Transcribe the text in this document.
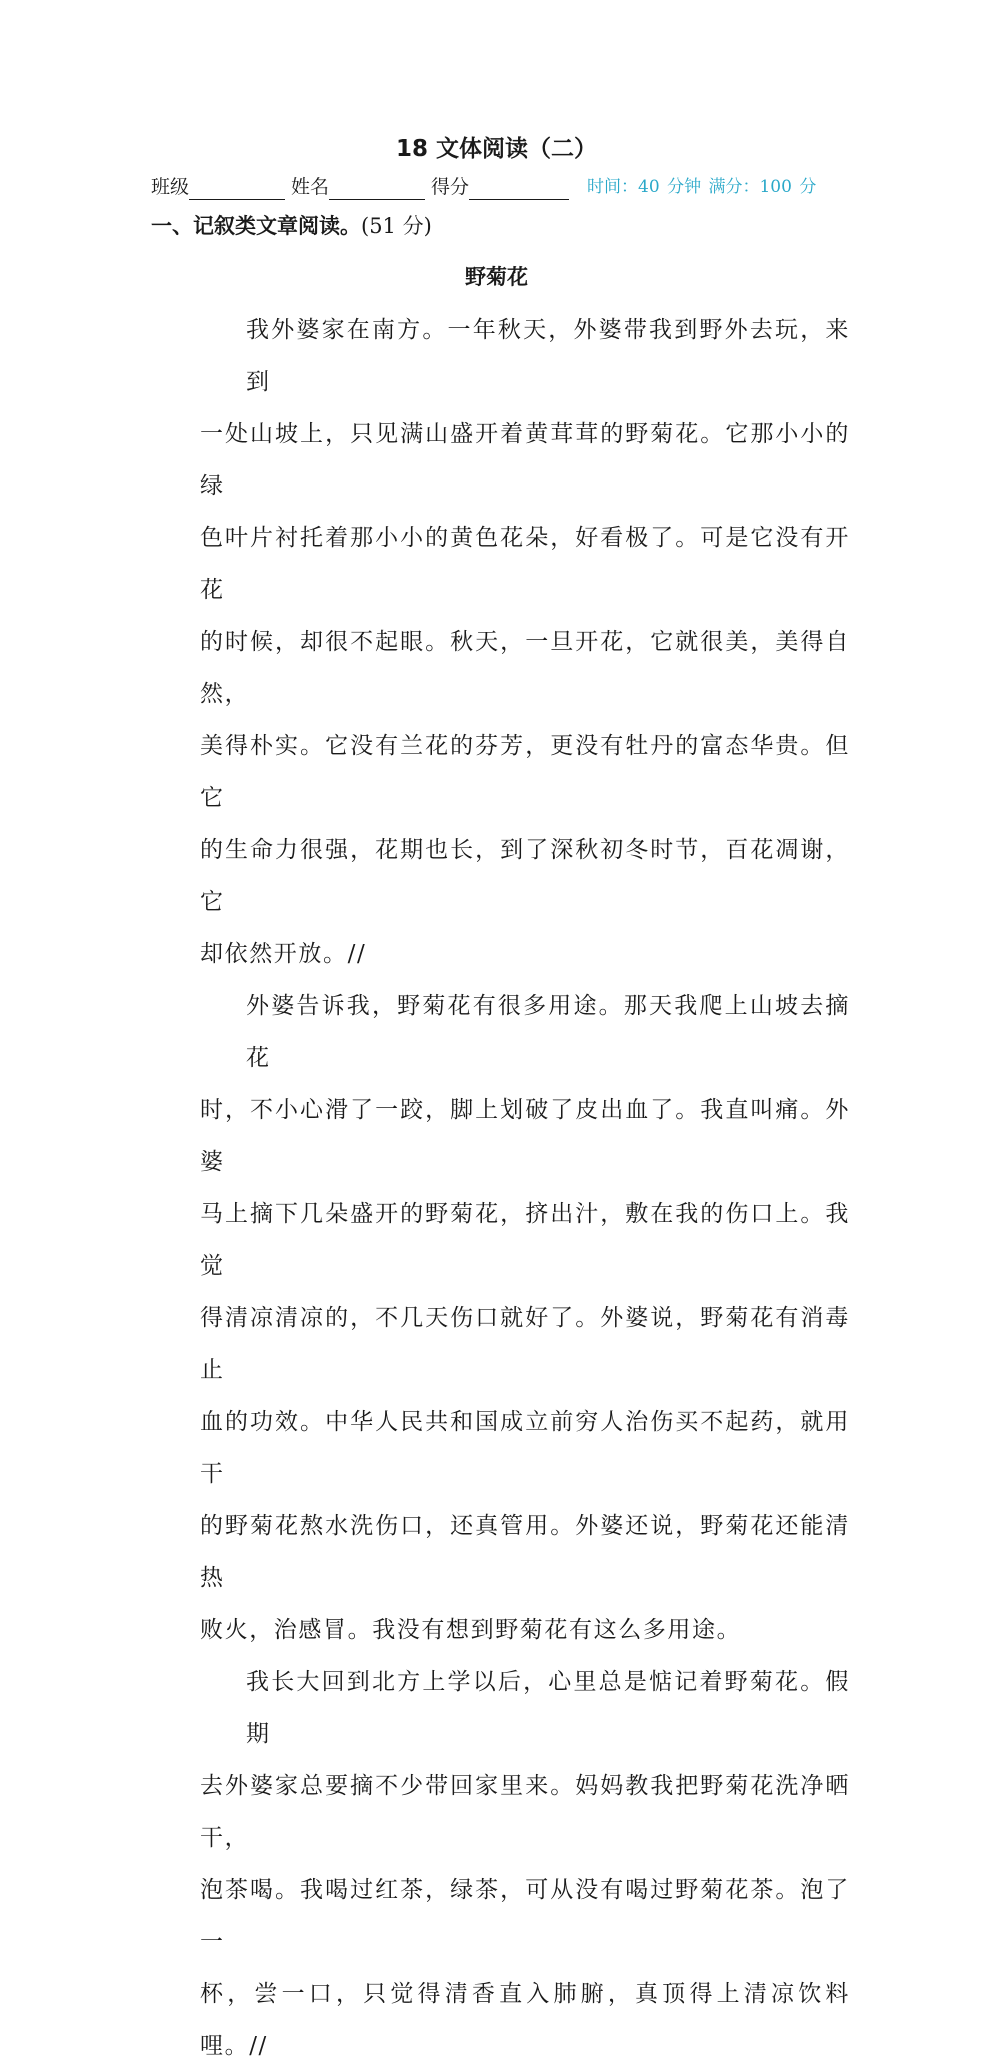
18 文体阅读（二）
班级	姓名	得分	时间：40 分钟 满分：100 分
一、记叙类文章阅读。(51 分)
野菊花

我外婆家在南方。一年秋天，外婆带我到野外去玩，来到
一处山坡上，只见满山盛开着黄茸茸的野菊花。它那小小的绿
色叶片衬托着那小小的黄色花朵，好看极了。可是它没有开花
的时候，却很不起眼。秋天，一旦开花，它就很美，美得自然，
美得朴实。它没有兰花的芬芳，更没有牡丹的富态华贵。但它
的生命力很强，花期也长，到了深秋初冬时节，百花凋谢，它
却依然开放。//

外婆告诉我，野菊花有很多用途。那天我爬上山坡去摘花
时，不小心滑了一跤，脚上划破了皮出血了。我直叫痛。外婆
马上摘下几朵盛开的野菊花，挤出汁，敷在我的伤口上。我觉
得清凉清凉的，不几天伤口就好了。外婆说，野菊花有消毒止
血的功效。中华人民共和国成立前穷人治伤买不起药，就用干
的野菊花熬水洗伤口，还真管用。外婆还说，野菊花还能清热
败火，治感冒。我没有想到野菊花有这么多用途。

我长大回到北方上学以后，心里总是惦记着野菊花。假期
去外婆家总要摘不少带回家里来。妈妈教我把野菊花洗净晒干，
泡茶喝。我喝过红茶，绿茶，可从没有喝过野菊花茶。泡了一
杯，尝一口，只觉得清香直入肺腑，真顶得上清凉饮料哩。//
